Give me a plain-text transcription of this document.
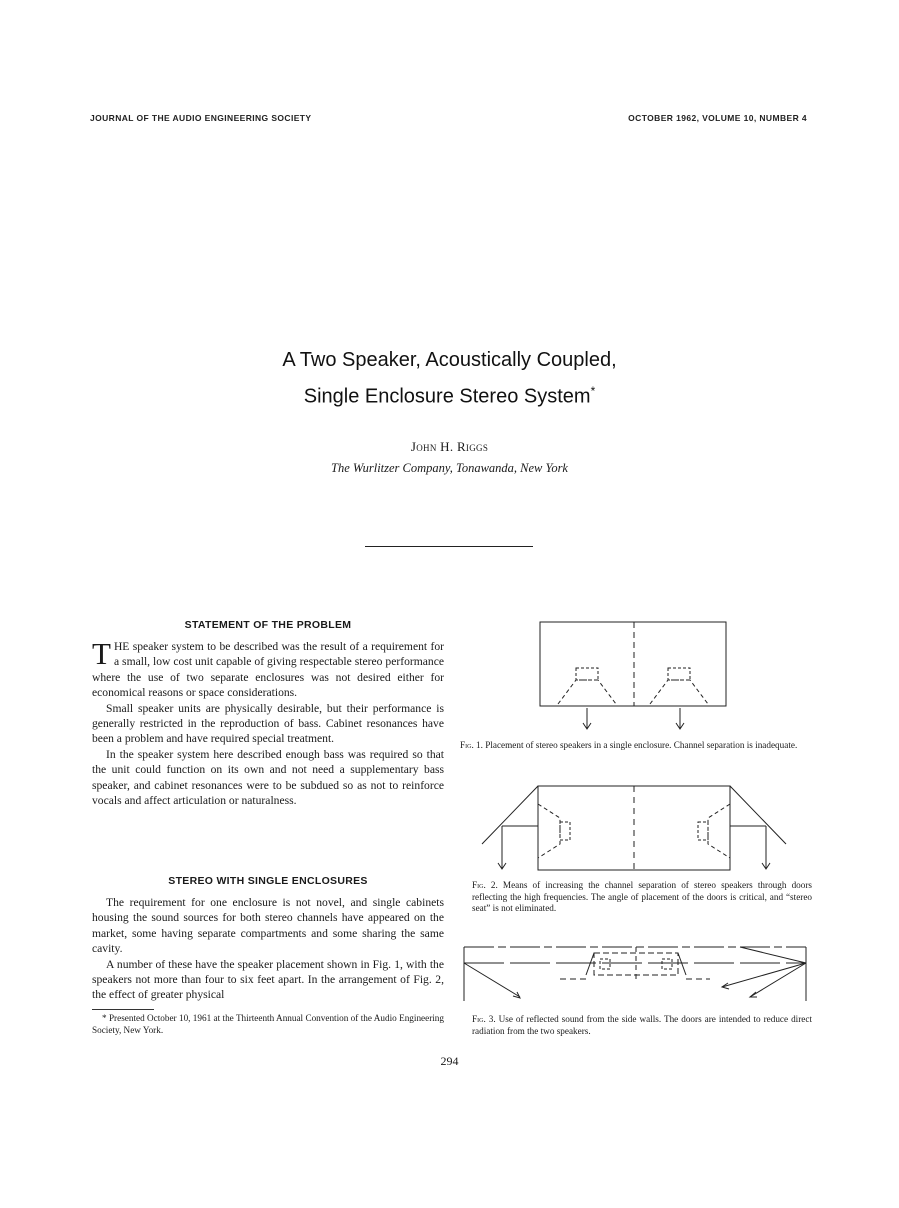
JOURNAL OF THE AUDIO ENGINEERING SOCIETY	OCTOBER 1962, VOLUME 10, NUMBER 4
A Two Speaker, Acoustically Coupled,
Single Enclosure Stereo System*
John H. Riggs
The Wurlitzer Company, Tonawanda, New York
STATEMENT OF THE PROBLEM

THE speaker system to be described was the result of a requirement for a small, low cost unit capable of giving respectable stereo performance where the use of two separate enclosures was not desired either for economical reasons or space considerations.

Small speaker units are physically desirable, but their performance is generally restricted in the reproduction of bass. Cabinet resonances have been a problem and have required special treatment.

In the speaker system here described enough bass was required so that the unit could function on its own and not need a supplementary bass speaker, and cabinet resonances were to be subdued so as not to reinforce vocals and affect articulation or naturalness.

STEREO WITH SINGLE ENCLOSURES

The requirement for one enclosure is not novel, and single cabinets housing the sound sources for both stereo channels have appeared on the market, some having separate compartments and some sharing the same cavity.

A number of these have the speaker placement shown in Fig. 1, with the speakers not more than four to six feet apart. In the arrangement of Fig. 2, the effect of greater physical

* Presented October 10, 1961 at the Thirteenth Annual Convention of the Audio Engineering Society, New York.
Fig. 1. Placement of stereo speakers in a single enclosure. Channel separation is inadequate.
Fig. 2. Means of increasing the channel separation of stereo speakers through doors reflecting the high frequencies. The angle of placement of the doors is critical, and “stereo seat” is not eliminated.
Fig. 3. Use of reflected sound from the side walls. The doors are intended to reduce direct radiation from the two speakers.
294
